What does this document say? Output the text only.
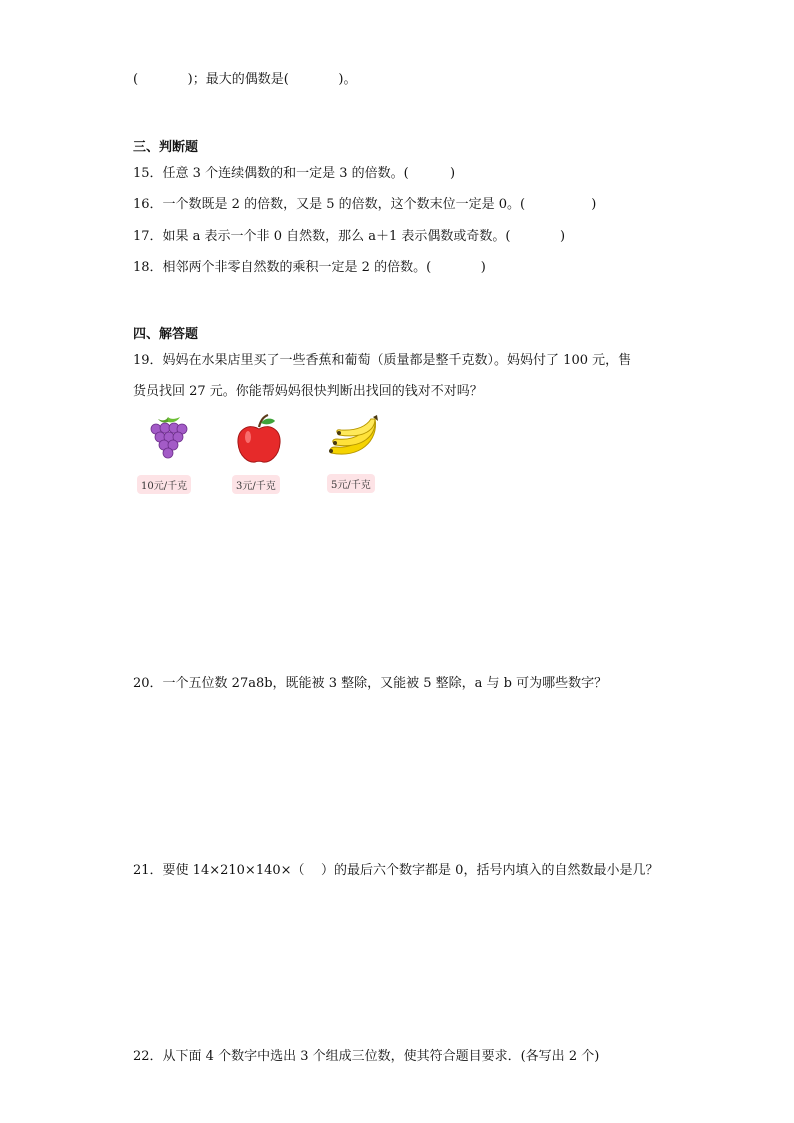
(            )；最大的偶数是(            )。
三、判断题
15．任意 3 个连续偶数的和一定是 3 的倍数。(          )
16．一个数既是 2 的倍数，又是 5 的倍数，这个数末位一定是 0。(                )
17．如果 a 表示一个非 0 自然数，那么 a＋1 表示偶数或奇数。(            )
18．相邻两个非零自然数的乘积一定是 2 的倍数。(            )
四、解答题
19．妈妈在水果店里买了一些香蕉和葡萄（质量都是整千克数）。妈妈付了 100 元，售
货员找回 27 元。你能帮妈妈很快判断出找回的钱对不对吗？
10元/千克	3元/千克	5元/千克
20．一个五位数 27a8b，既能被 3 整除，又能被 5 整除，a 与 b 可为哪些数字？
21．要使 14×210×140×（    ）的最后六个数字都是 0，括号内填入的自然数最小是几？
22．从下面 4 个数字中选出 3 个组成三位数，使其符合题目要求．(各写出 2 个)
